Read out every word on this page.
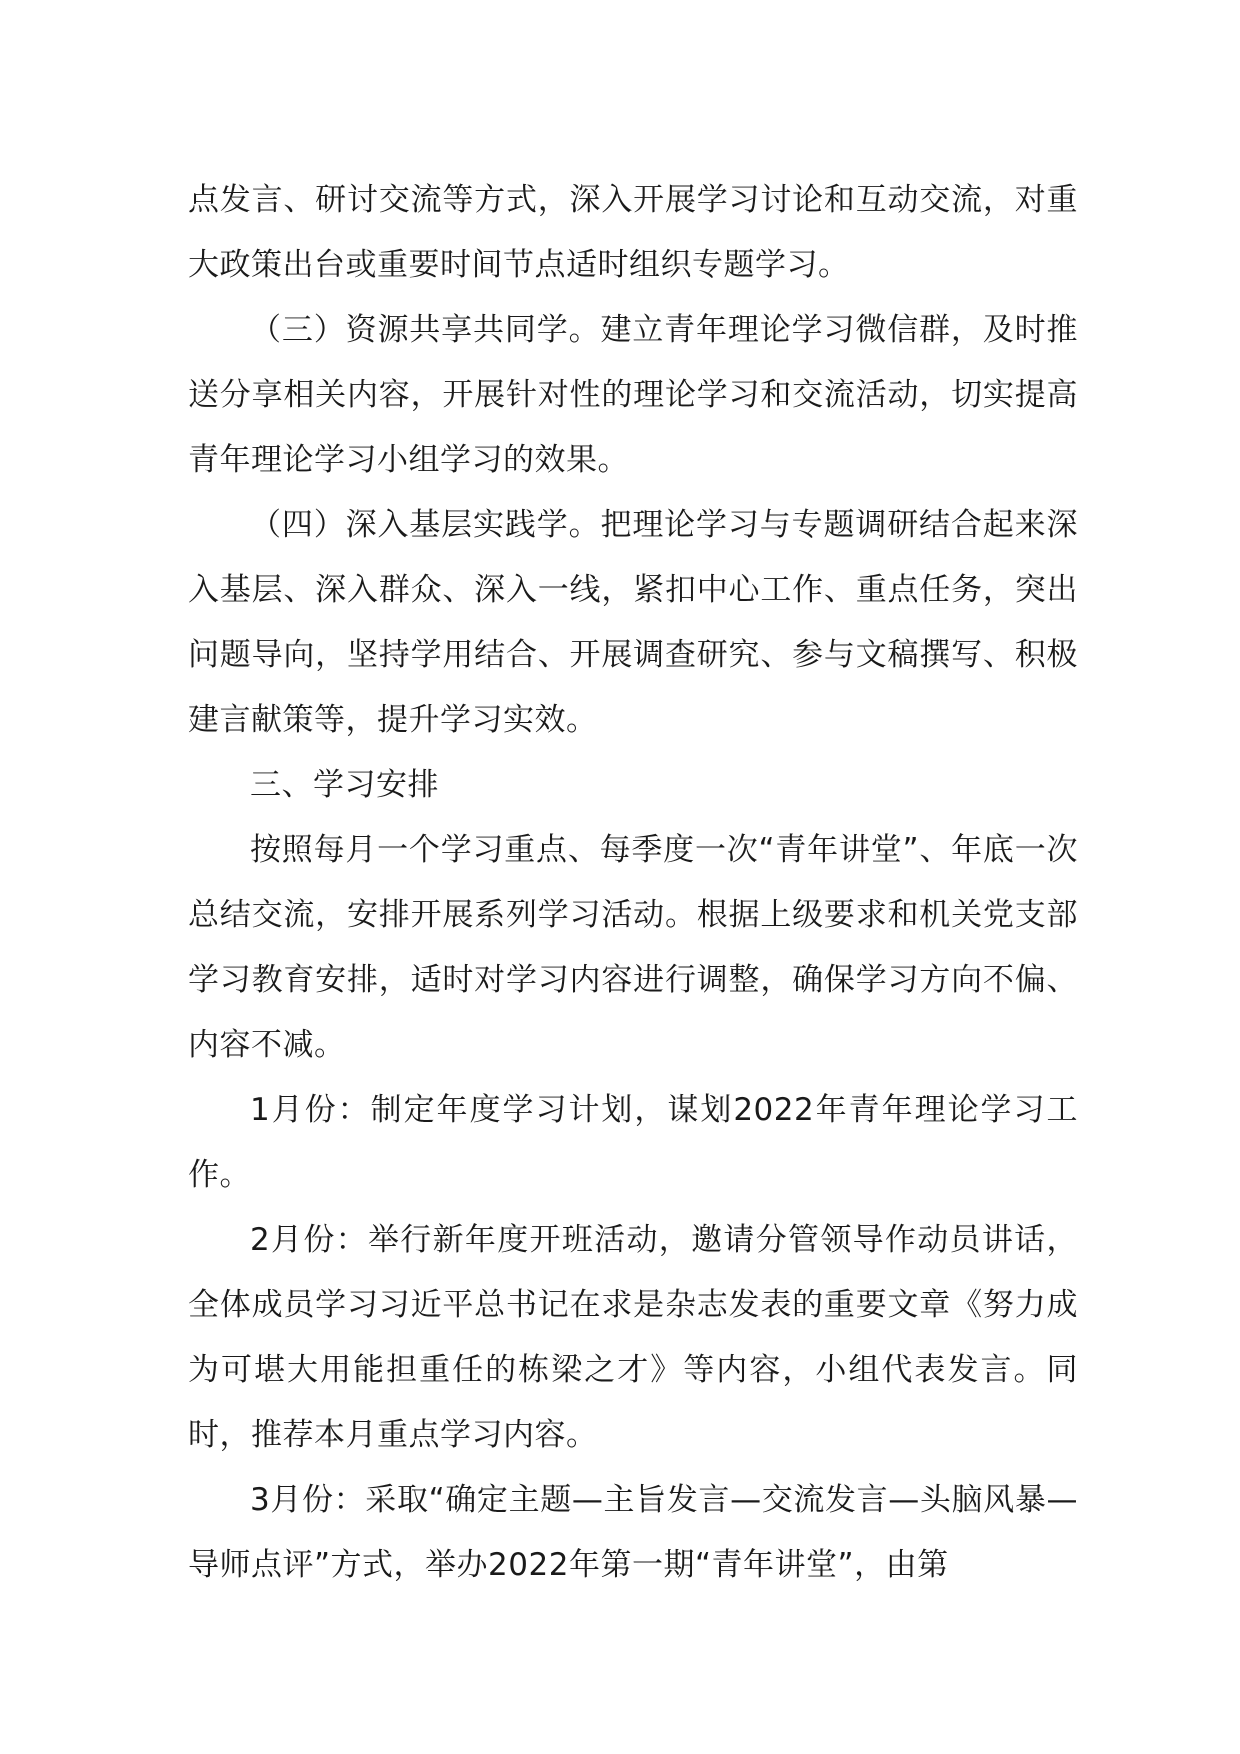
点发言、研讨交流等方式，深入开展学习讨论和互动交流，对重大政策出台或重要时间节点适时组织专题学习。

（三）资源共享共同学。建立青年理论学习微信群，及时推送分享相关内容，开展针对性的理论学习和交流活动，切实提高青年理论学习小组学习的效果。

（四）深入基层实践学。把理论学习与专题调研结合起来深入基层、深入群众、深入一线，紧扣中心工作、重点任务，突出问题导向，坚持学用结合、开展调查研究、参与文稿撰写、积极建言献策等，提升学习实效。

三、学习安排

按照每月一个学习重点、每季度一次“青年讲堂”、年底一次总结交流，安排开展系列学习活动。根据上级要求和机关党支部学习教育安排，适时对学习内容进行调整，确保学习方向不偏、内容不减。

1月份：制定年度学习计划，谋划2022年青年理论学习工作。

2月份：举行新年度开班活动，邀请分管领导作动员讲话，全体成员学习习近平总书记在求是杂志发表的重要文章《努力成为可堪大用能担重任的栋梁之才》等内容，小组代表发言。同时，推荐本月重点学习内容。

3月份：采取“确定主题—主旨发言—交流发言—头脑风暴—导师点评”方式，举办2022年第一期“青年讲堂”，由第
